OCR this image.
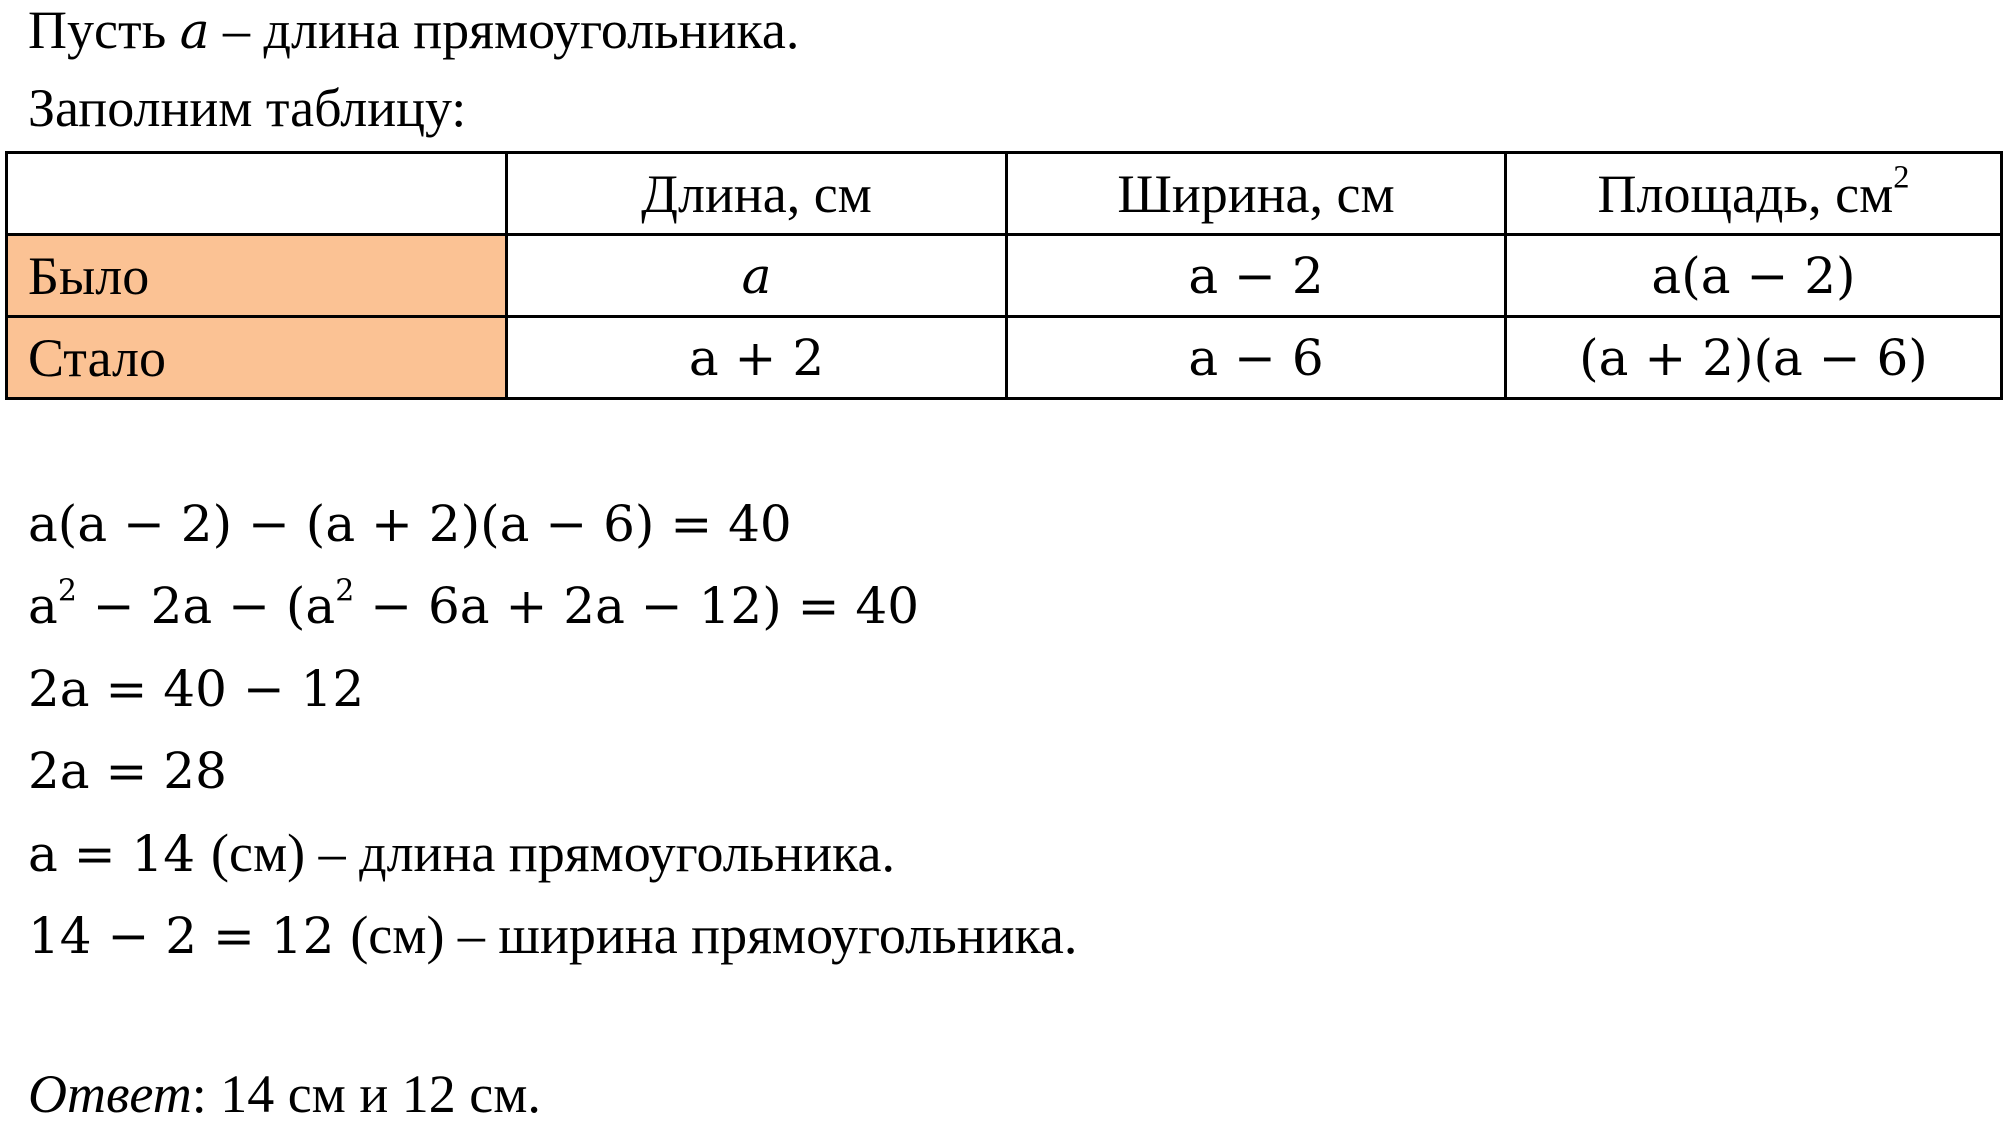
Пусть a – длина прямоугольника.
Заполним таблицу:
	Длина, см	Ширина, см	Площадь, $см^2$
Было	a	a − 2	a(a − 2)
Стало	a + 2	a − 6	(a + 2)(a − 6)
a(a − 2) − (a + 2)(a − 6) = 40
$a^2 - 2a - (a^2 - 6a + 2a - 12) = 40$
2a = 40 − 12
2a = 28
a = 14 (см) – длина прямоугольника.
14 − 2 = 12 (см) – ширина прямоугольника.
Ответ: 14 см и 12 см.
